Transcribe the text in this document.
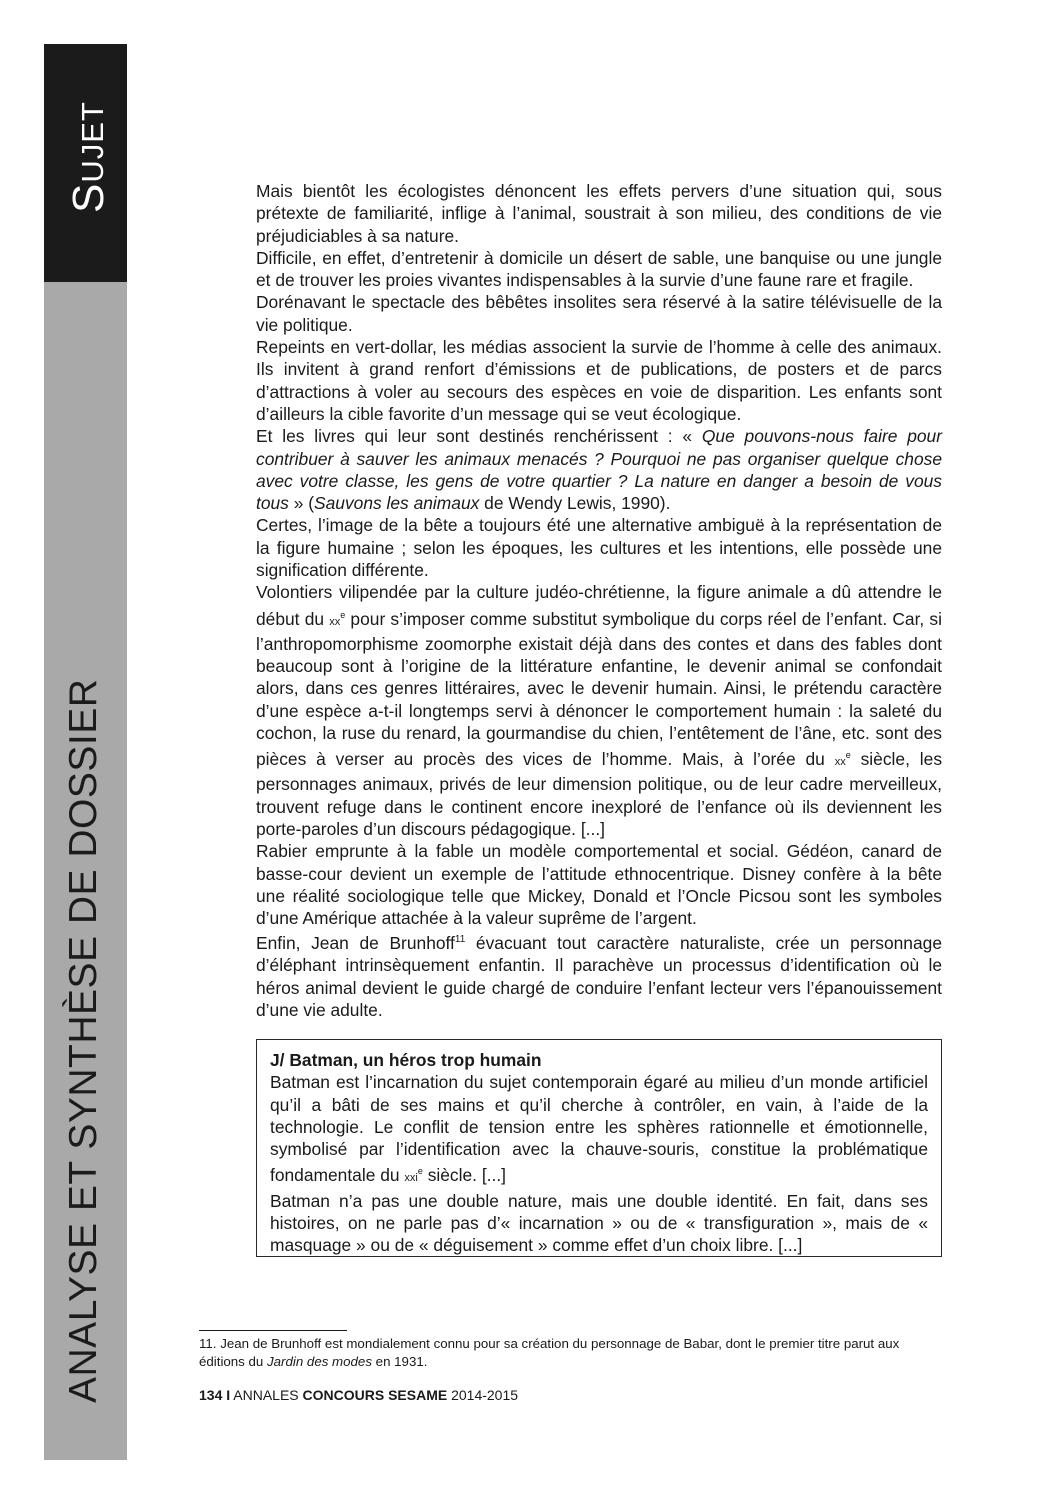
Sujet
ANALYSE ET SYNTHÈSE DE DOSSIER

Mais bientôt les écologistes dénoncent les effets pervers d’une situation qui, sous prétexte de familiarité, inflige à l’animal, soustrait à son milieu, des conditions de vie préjudiciables à sa nature.

Difficile, en effet, d’entretenir à domicile un désert de sable, une banquise ou une jungle et de trouver les proies vivantes indispensables à la survie d’une faune rare et fragile.

Dorénavant le spectacle des bêbêtes insolites sera réservé à la satire télévisuelle de la vie politique.

Repeints en vert-dollar, les médias associent la survie de l’homme à celle des animaux. Ils invitent à grand renfort d’émissions et de publications, de posters et de parcs d’attractions à voler au secours des espèces en voie de disparition. Les enfants sont d’ailleurs la cible favorite d’un message qui se veut écologique.

Et les livres qui leur sont destinés renchérissent : « Que pouvons-nous faire pour contribuer à sauver les animaux menacés ? Pourquoi ne pas organiser quelque chose avec votre classe, les gens de votre quartier ? La nature en danger a besoin de vous tous » (Sauvons les animaux de Wendy Lewis, 1990).

Certes, l’image de la bête a toujours été une alternative ambiguë à la représentation de la figure humaine ; selon les époques, les cultures et les intentions, elle possède une signification différente.

Volontiers vilipendée par la culture judéo-chrétienne, la figure animale a dû attendre le début du $xx^e$ pour s’imposer comme substitut symbolique du corps réel de l’enfant. Car, si l’anthropomorphisme zoomorphe existait déjà dans des contes et dans des fables dont beaucoup sont à l’origine de la littérature enfantine, le devenir animal se confondait alors, dans ces genres littéraires, avec le devenir humain. Ainsi, le prétendu caractère d’une espèce a-t-il longtemps servi à dénoncer le comportement humain : la saleté du cochon, la ruse du renard, la gourmandise du chien, l’entêtement de l’âne, etc. sont des pièces à verser au procès des vices de l’homme. Mais, à l’orée du $xx^e$ siècle, les personnages animaux, privés de leur dimension politique, ou de leur cadre merveilleux, trouvent refuge dans le continent encore inexploré de l’enfance où ils deviennent les porte-paroles d’un discours pédagogique. [...]

Rabier emprunte à la fable un modèle comportemental et social. Gédéon, canard de basse-cour devient un exemple de l’attitude ethnocentrique. Disney confère à la bête une réalité sociologique telle que Mickey, Donald et l’Oncle Picsou sont les symboles d’une Amérique attachée à la valeur suprême de l’argent.

Enfin, Jean de Brunhoff$^{11}$ évacuant tout caractère naturaliste, crée un personnage d’éléphant intrinsèquement enfantin. Il parachève un processus d’identification où le héros animal devient le guide chargé de conduire l’enfant lecteur vers l’épanouissement d’une vie adulte.

J/ Batman, un héros trop humain

Batman est l’incarnation du sujet contemporain égaré au milieu d’un monde artificiel qu’il a bâti de ses mains et qu’il cherche à contrôler, en vain, à l’aide de la technologie. Le conflit de tension entre les sphères rationnelle et émotionnelle, symbolisé par l’identification avec la chauve-souris, constitue la problématique fondamentale du xxi$^e$ siècle. [...]

Batman n’a pas une double nature, mais une double identité. En fait, dans ses histoires, on ne parle pas d’« incarnation » ou de « transfiguration », mais de « masquage » ou de « déguisement » comme effet d’un choix libre. [...]

11. Jean de Brunhoff est mondialement connu pour sa création du personnage de Babar, dont le premier titre parut aux éditions du Jardin des modes en 1931.
134 I ANNALES CONCOURS SESAME 2014-2015
